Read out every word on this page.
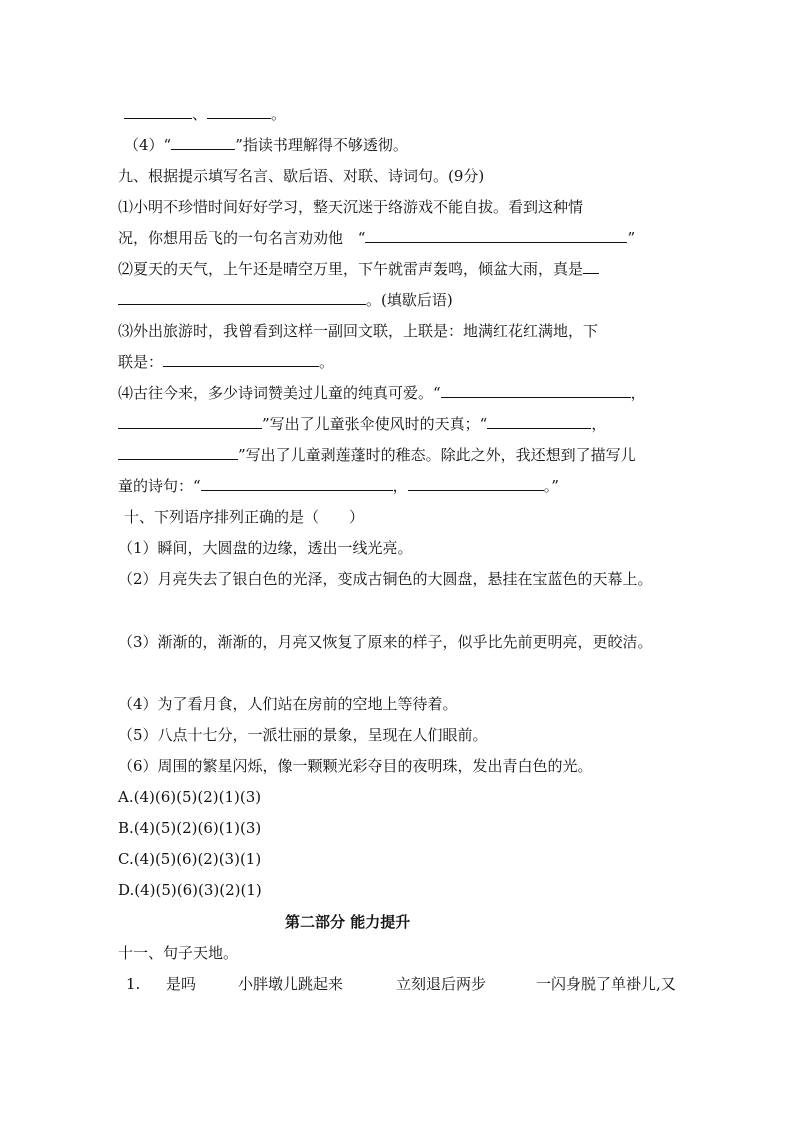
、	。
（4）“	”指读书理解得不够透彻。
九、根据提示填写名言、歇后语、对联、诗词句。(9分)
⑴小明不珍惜时间好好学习，整天沉迷于络游戏不能自拔。看到这种情
况，你想用岳飞的一句名言劝劝他 “	”
⑵夏天的天气，上午还是晴空万里，下午就雷声轰鸣，倾盆大雨，真是
。(填歇后语)
⑶外出旅游时，我曾看到这样一副回文联，上联是：地满红花红满地，下
联是：	。
⑷古往今来，多少诗词赞美过儿童的纯真可爱。“	，
”写出了儿童张伞使风时的天真；“	，
”写出了儿童剥莲蓬时的稚态。除此之外，我还想到了描写儿
童的诗句：“	，	。”
十、下列语序排列正确的是（　　）
（1）瞬间，大圆盘的边缘，透出一线光亮。
（2）月亮失去了银白色的光泽，变成古铜色的大圆盘，悬挂在宝蓝色的天幕上。
（3）渐渐的，渐渐的，月亮又恢复了原来的样子，似乎比先前更明亮，更皎洁。
（4）为了看月食，人们站在房前的空地上等待着。
（5）八点十七分，一派壮丽的景象，呈现在人们眼前。
（6）周围的繁星闪烁，像一颗颗光彩夺目的夜明珠，发出青白色的光。
A.(4)(6)(5)(2)(1)(3)
B.(4)(5)(2)(6)(1)(3)
C.(4)(5)(6)(2)(3)(1)
D.(4)(5)(6)(3)(2)(1)
第二部分 能力提升
十一、句子天地。
1. 是吗	小胖墩儿跳起来	立刻退后两步	一闪身脱了单褂儿,又
